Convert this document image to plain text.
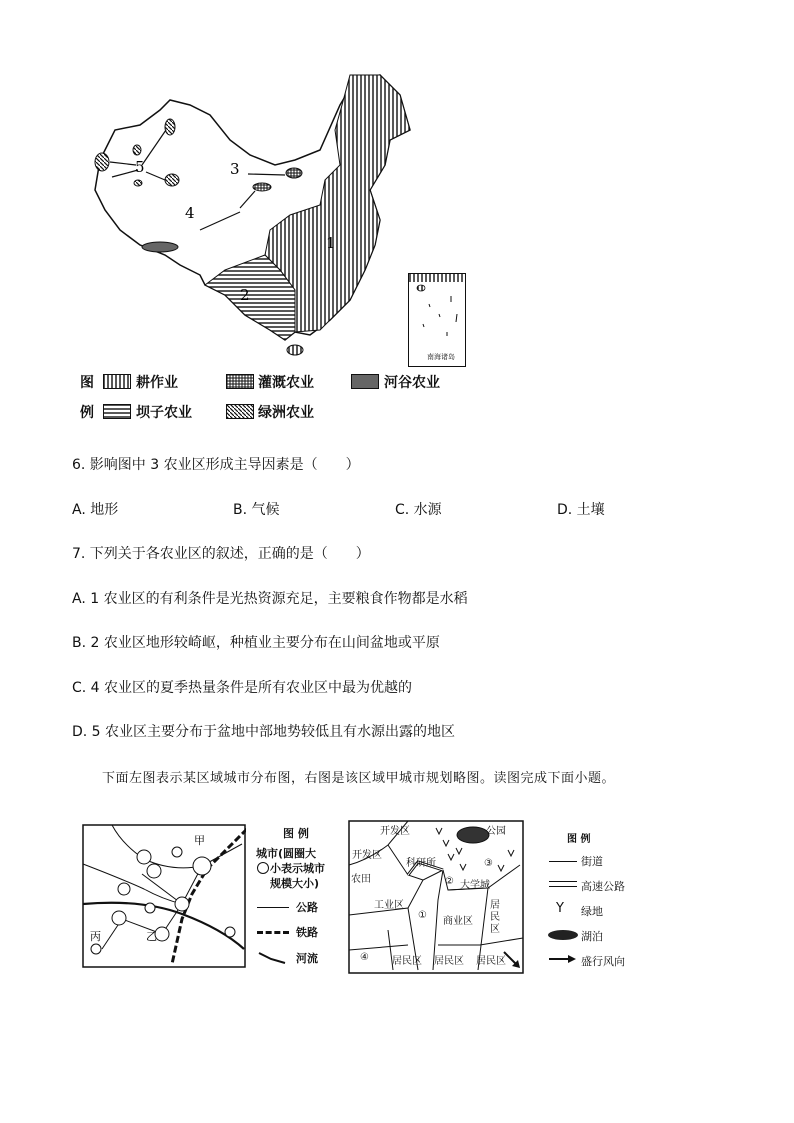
5	3
4
1
2
南海诸岛
图
例
耕作业	灌溉农业	河谷农业
坝子农业	绿洲农业
6. 影响图中 3 农业区形成主导因素是（　　）
A. 地形	B. 气候	C. 水源	D. 土壤
7. 下列关于各农业区的叙述，正确的是（　　）
A. 1 农业区的有利条件是光热资源充足，主要粮食作物都是水稻
B. 2 农业区地形较崎岖，种植业主要分布在山间盆地或平原
C. 4 农业区的夏季热量条件是所有农业区中最为优越的
D. 5 农业区主要分布于盆地中部地势较低且有水源出露的地区
下面左图表示某区域城市分布图，右图是该区域甲城市规划略图。读图完成下面小题。
甲
乙
丙
图 例
城市(圆圈大
小表示城市
规模大小)
公路
铁路
河流
开发区
开发区
公园
科研所
农田
大学城
工业区
商业区
居
民
区
居民区 居民区 居民区
①
②
③
④
图 例
街道
高速公路
Y 绿地
湖泊
盛行风向
